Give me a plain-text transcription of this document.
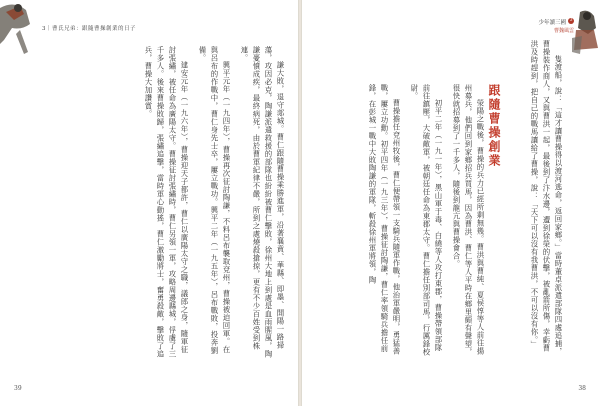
3｜曹氏兄弟：跟隨曹操創業的日子

謙大敗，退守郯城。曹仁跟隨曹操乘勝進軍，沿著襄賁、華縣、即墨、開陽一路掃蕩，攻因必克，陶謙派遣救援的部隊也紛紛被曹仁擊敗，徐州大地上到處是血雨腥風，陶謙憂憤成疾，最終病死，由於曹軍紀律不嚴，所到之處燒殺搶掠，更有不少百姓受到株連。

興平元年（一九四年），曹操再次征討陶謙，不料呂布襲取兗州，曹操被迫回軍。在與呂布的作戰中，曹仁身先士卒，屢立戰功。興平二年（一九五年），呂布戰敗，投奔劉備。

建安元年（一九六年），曹操迎天子都許，曹仁以廣陽太守之職，議郎之身，隨軍征討張繡，被任命為廣陽太守。曹操征討張繡時，曹仁另領一軍，攻略周邊縣城，俘虜了三千多人。後來曹操敗歸，張繡追擊，當時軍心動搖，曹仁激勵將士，奮勇殺敵，擊敗了追兵，曹操大加讚賞。

39
少年讀三國 3
曹魏風雲

隻渡船，說：「這才讓曹操得以渡河逃命，返回家鄉。」當時董卓派遣部隊四處追捕，曹操裝作商人，又與曹洪一起，最後到了汴水邊，遭到徐榮的伏擊，被亂箭所傷，幸虧曹洪及時趕到，把自己的戰馬讓給了曹操，說：「天下可以沒有我曹洪，不可以沒有你。」

跟隨曹操創業

滎陽之戰後，曹操的兵力已經所剩無幾。曹洪與曹純、夏侯惇等人前往揚州募兵，他們回到家鄉招兵買馬，因為曹洪、曹仁等人平時在鄉里頗有聲望，很快就招募到了一千多人，隨後到龍亢與曹操會合。

初平二年（一九一年），黑山軍于毒、白繞等人攻打東郡，曹操帶領部隊前往鎮壓，大破敵軍，被朝廷任命為東郡太守。曹仁擔任別部司馬，行厲鋒校尉。

曹操擔任兗州牧後，曹仁便帶領一支騎兵隨軍作戰，他治軍嚴明，勇猛善戰，屢立功勳。初平四年（一九三年），曹操征討陶謙，曹仁率領騎兵擔任前鋒，在彭城一戰中大敗陶謙的軍隊，斬殺徐州軍將領，陶

38
